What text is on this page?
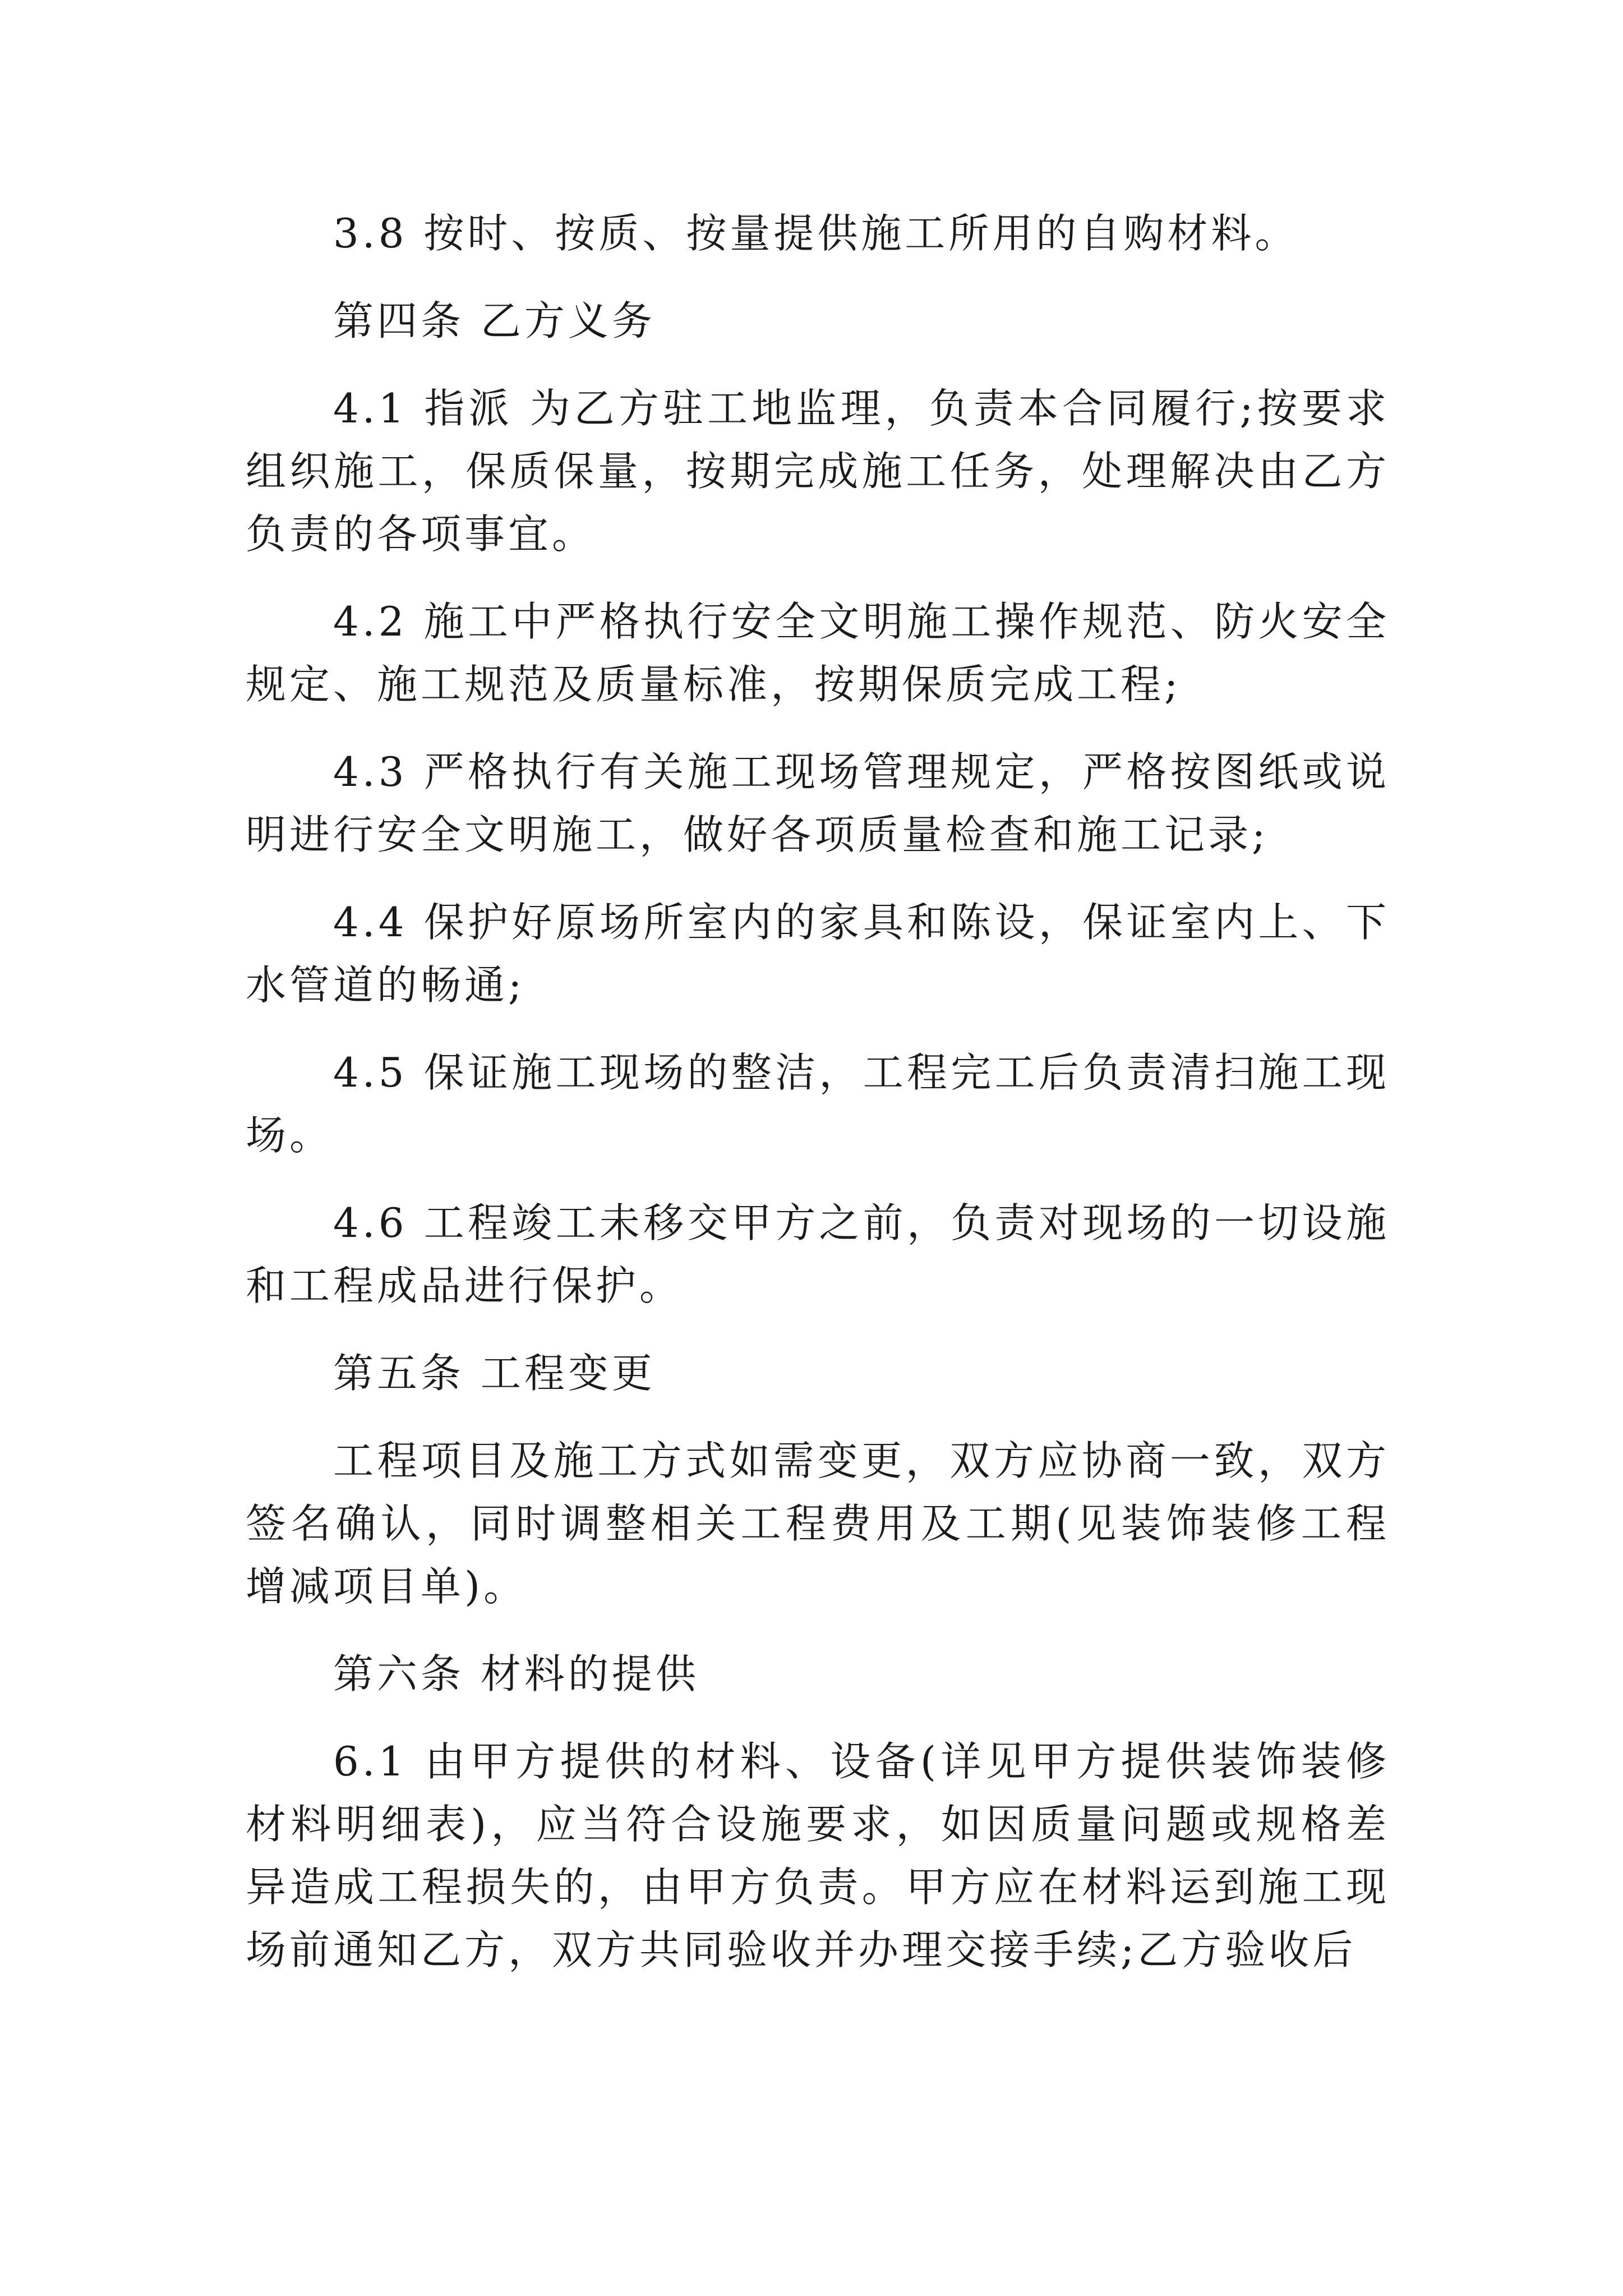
3.8 按时、按质、按量提供施工所用的自购材料。

第四条 乙方义务

4.1 指派 为乙方驻工地监理，负责本合同履行;按要求组织施工，保质保量，按期完成施工任务，处理解决由乙方负责的各项事宜。

4.2 施工中严格执行安全文明施工操作规范、防火安全规定、施工规范及质量标准，按期保质完成工程;

4.3 严格执行有关施工现场管理规定，严格按图纸或说明进行安全文明施工，做好各项质量检查和施工记录;

4.4 保护好原场所室内的家具和陈设，保证室内上、下水管道的畅通;

4.5 保证施工现场的整洁，工程完工后负责清扫施工现场。

4.6 工程竣工未移交甲方之前，负责对现场的一切设施和工程成品进行保护。

第五条 工程变更

工程项目及施工方式如需变更，双方应协商一致，双方签名确认，同时调整相关工程费用及工期(见装饰装修工程增减项目单)。

第六条 材料的提供

6.1 由甲方提供的材料、设备(详见甲方提供装饰装修材料明细表)，应当符合设施要求，如因质量问题或规格差异造成工程损失的，由甲方负责。甲方应在材料运到施工现场前通知乙方，双方共同验收并办理交接手续;乙方验收后
